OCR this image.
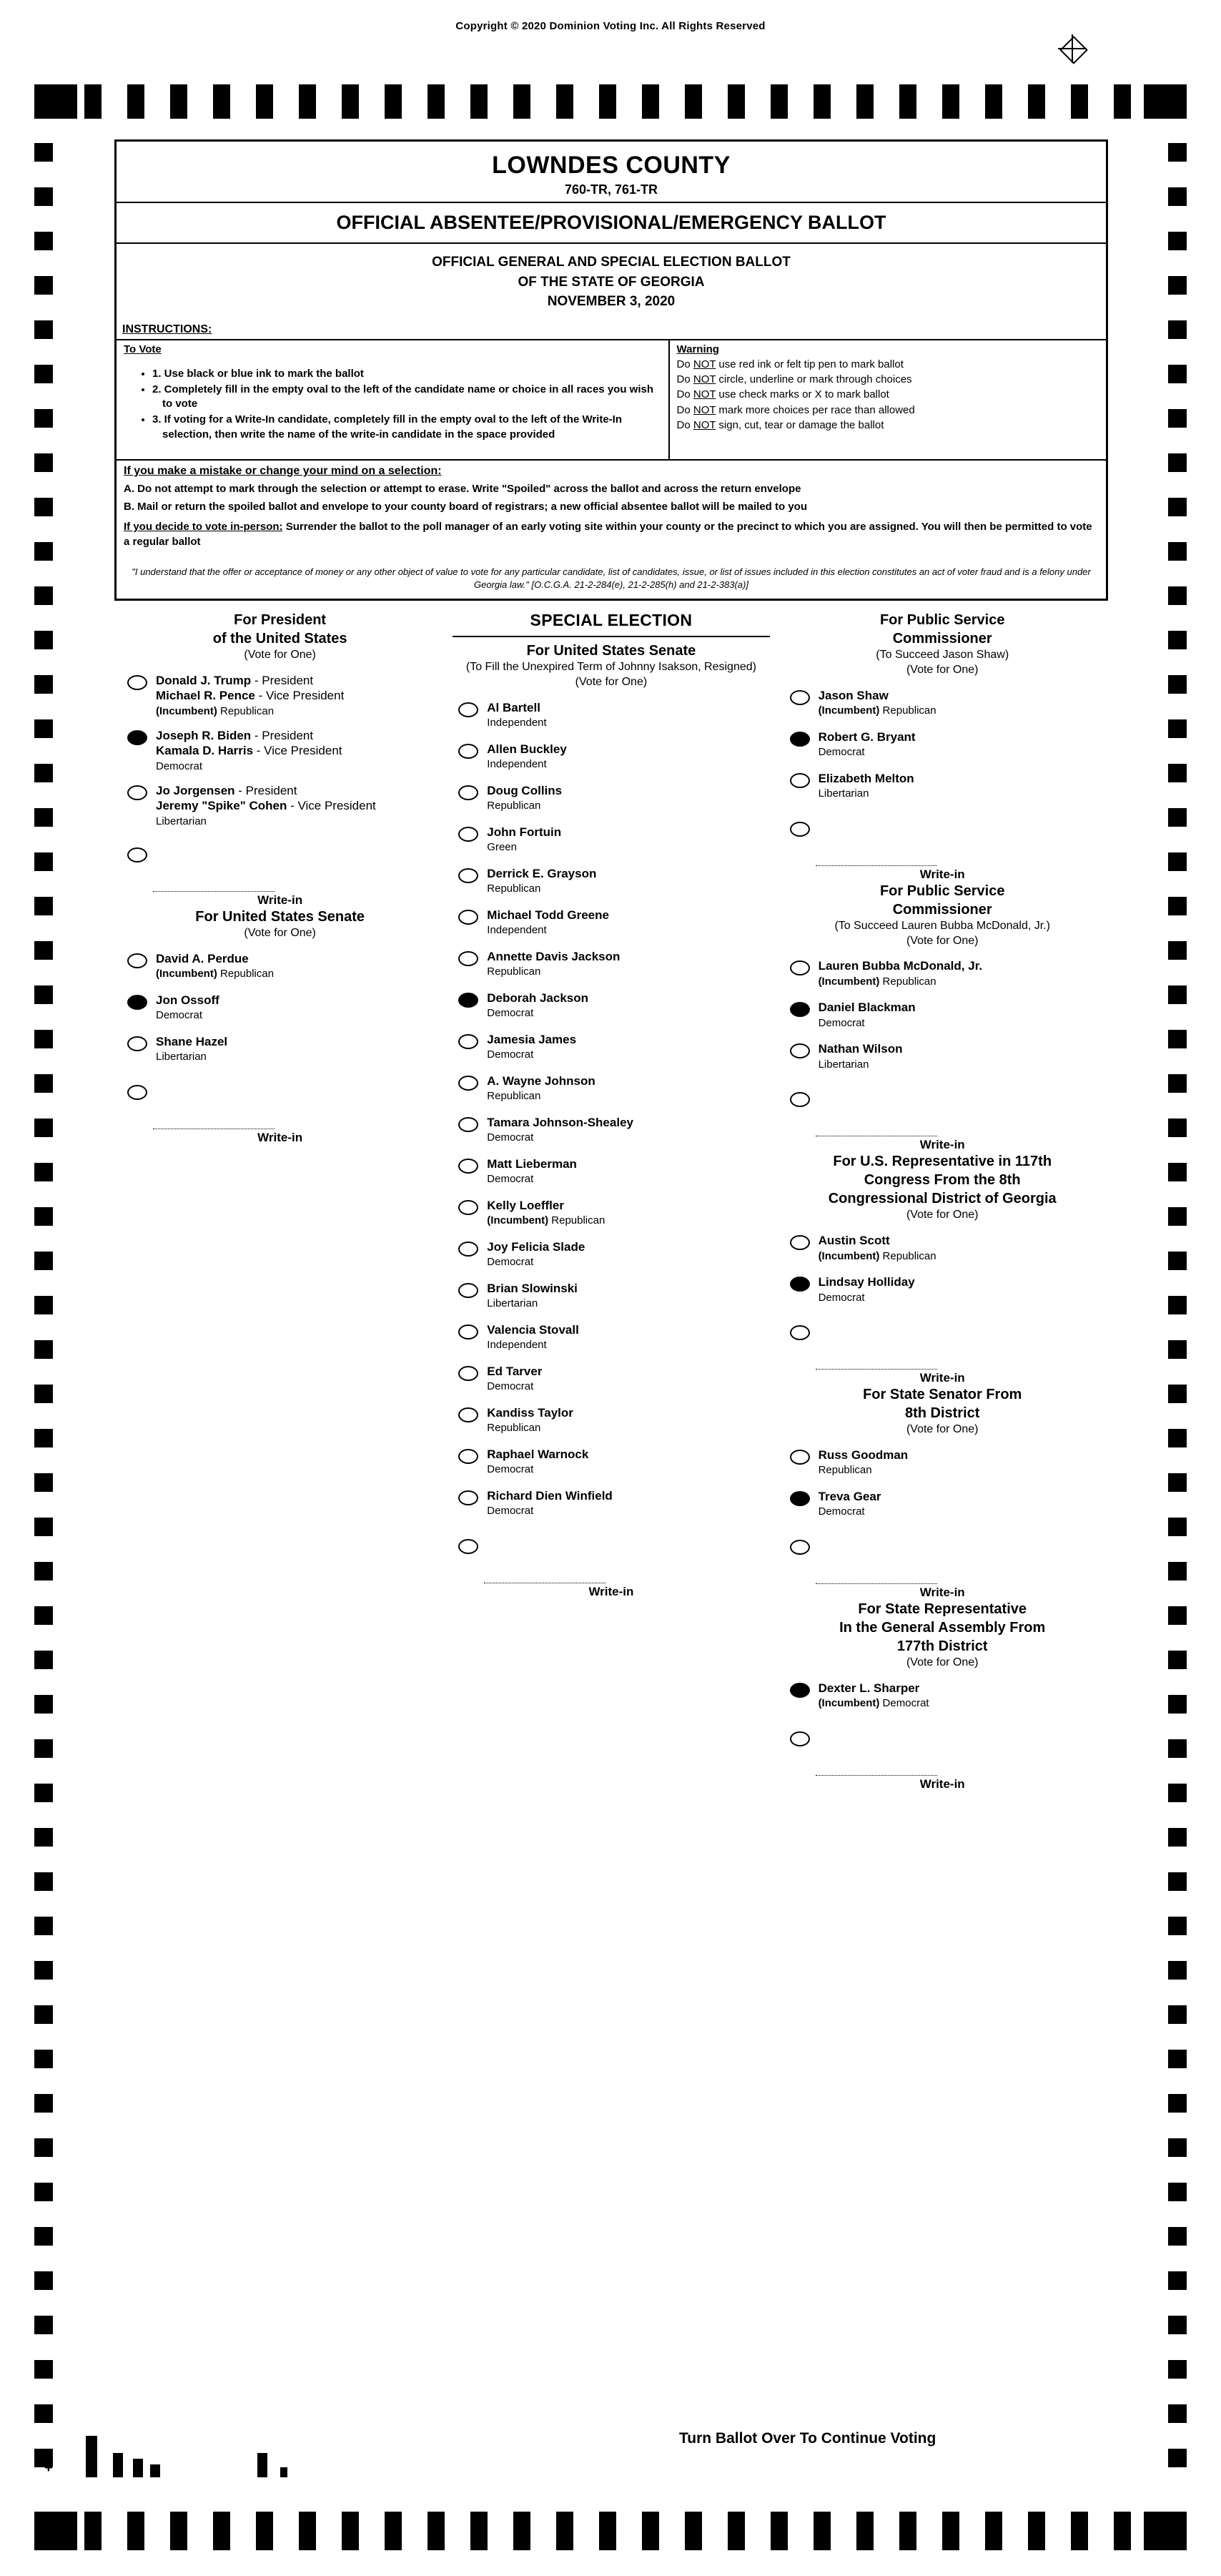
Copyright © 2020 Dominion Voting Inc. All Rights Reserved
LOWNDES COUNTY
760-TR, 761-TR
OFFICIAL ABSENTEE/PROVISIONAL/EMERGENCY BALLOT
OFFICIAL GENERAL AND SPECIAL ELECTION BALLOT
OF THE STATE OF GEORGIA
NOVEMBER 3, 2020
INSTRUCTIONS:
To Vote
• 1. Use black or blue ink to mark the ballot
• 2. Completely fill in the empty oval to the left of the candidate name or choice in all races you wish to vote
• 3. If voting for a Write-In candidate, completely fill in the empty oval to the left of the Write-In selection, then write the name of the write-in candidate in the space provided
Warning
Do NOT use red ink or felt tip pen to mark ballot
Do NOT circle, underline or mark through choices
Do NOT use check marks or X to mark ballot
Do NOT mark more choices per race than allowed
Do NOT sign, cut, tear or damage the ballot
If you make a mistake or change your mind on a selection:

A. Do not attempt to mark through the selection or attempt to erase. Write "Spoiled" across the ballot and across the return envelope

B. Mail or return the spoiled ballot and envelope to your county board of registrars; a new official absentee ballot will be mailed to you

If you decide to vote in-person: Surrender the ballot to the poll manager of an early voting site within your county or the precinct to which you are assigned. You will then be permitted to vote a regular ballot

"I understand that the offer or acceptance of money or any other object of value to vote for any particular candidate, list of candidates, issue, or list of issues included in this election constitutes an act of voter fraud and is a felony under Georgia law." [O.C.G.A. 21-2-284(e), 21-2-285(h) and 21-2-383(a)]
For President
of the United States
(Vote for One)
Donald J. Trump - President
Michael R. Pence - Vice President
(Incumbent) Republican
Joseph R. Biden - President
Kamala D. Harris - Vice President
Democrat
Jo Jorgensen - President
Jeremy "Spike" Cohen - Vice President
Libertarian
Write-in
For United States Senate
(Vote for One)
David A. Perdue
(Incumbent) Republican
Jon Ossoff
Democrat
Shane Hazel
Libertarian
Write-in
SPECIAL ELECTION
For United States Senate
(To Fill the Unexpired Term of Johnny Isakson, Resigned)
(Vote for One)
Al Bartell
Independent
Allen Buckley
Independent
Doug Collins
Republican
John Fortuin
Green
Derrick E. Grayson
Republican
Michael Todd Greene
Independent
Annette Davis Jackson
Republican
Deborah Jackson
Democrat
Jamesia James
Democrat
A. Wayne Johnson
Republican
Tamara Johnson-Shealey
Democrat
Matt Lieberman
Democrat
Kelly Loeffler
(Incumbent) Republican
Joy Felicia Slade
Democrat
Brian Slowinski
Libertarian
Valencia Stovall
Independent
Ed Tarver
Democrat
Kandiss Taylor
Republican
Raphael Warnock
Democrat
Richard Dien Winfield
Democrat
Write-in
For Public Service
Commissioner
(To Succeed Jason Shaw)
(Vote for One)
Jason Shaw
(Incumbent) Republican
Robert G. Bryant
Democrat
Elizabeth Melton
Libertarian
Write-in
For Public Service
Commissioner
(To Succeed Lauren Bubba McDonald, Jr.)
(Vote for One)
Lauren Bubba McDonald, Jr.
(Incumbent) Republican
Daniel Blackman
Democrat
Nathan Wilson
Libertarian
Write-in
For U.S. Representative in 117th
Congress From the 8th
Congressional District of Georgia
(Vote for One)
Austin Scott
(Incumbent) Republican
Lindsay Holliday
Democrat
Write-in
For State Senator From
8th District
(Vote for One)
Russ Goodman
Republican
Treva Gear
Democrat
Write-in
For State Representative
In the General Assembly From
177th District
(Vote for One)
Dexter L. Sharper
(Incumbent) Democrat
Write-in
Turn Ballot Over To Continue Voting
+
